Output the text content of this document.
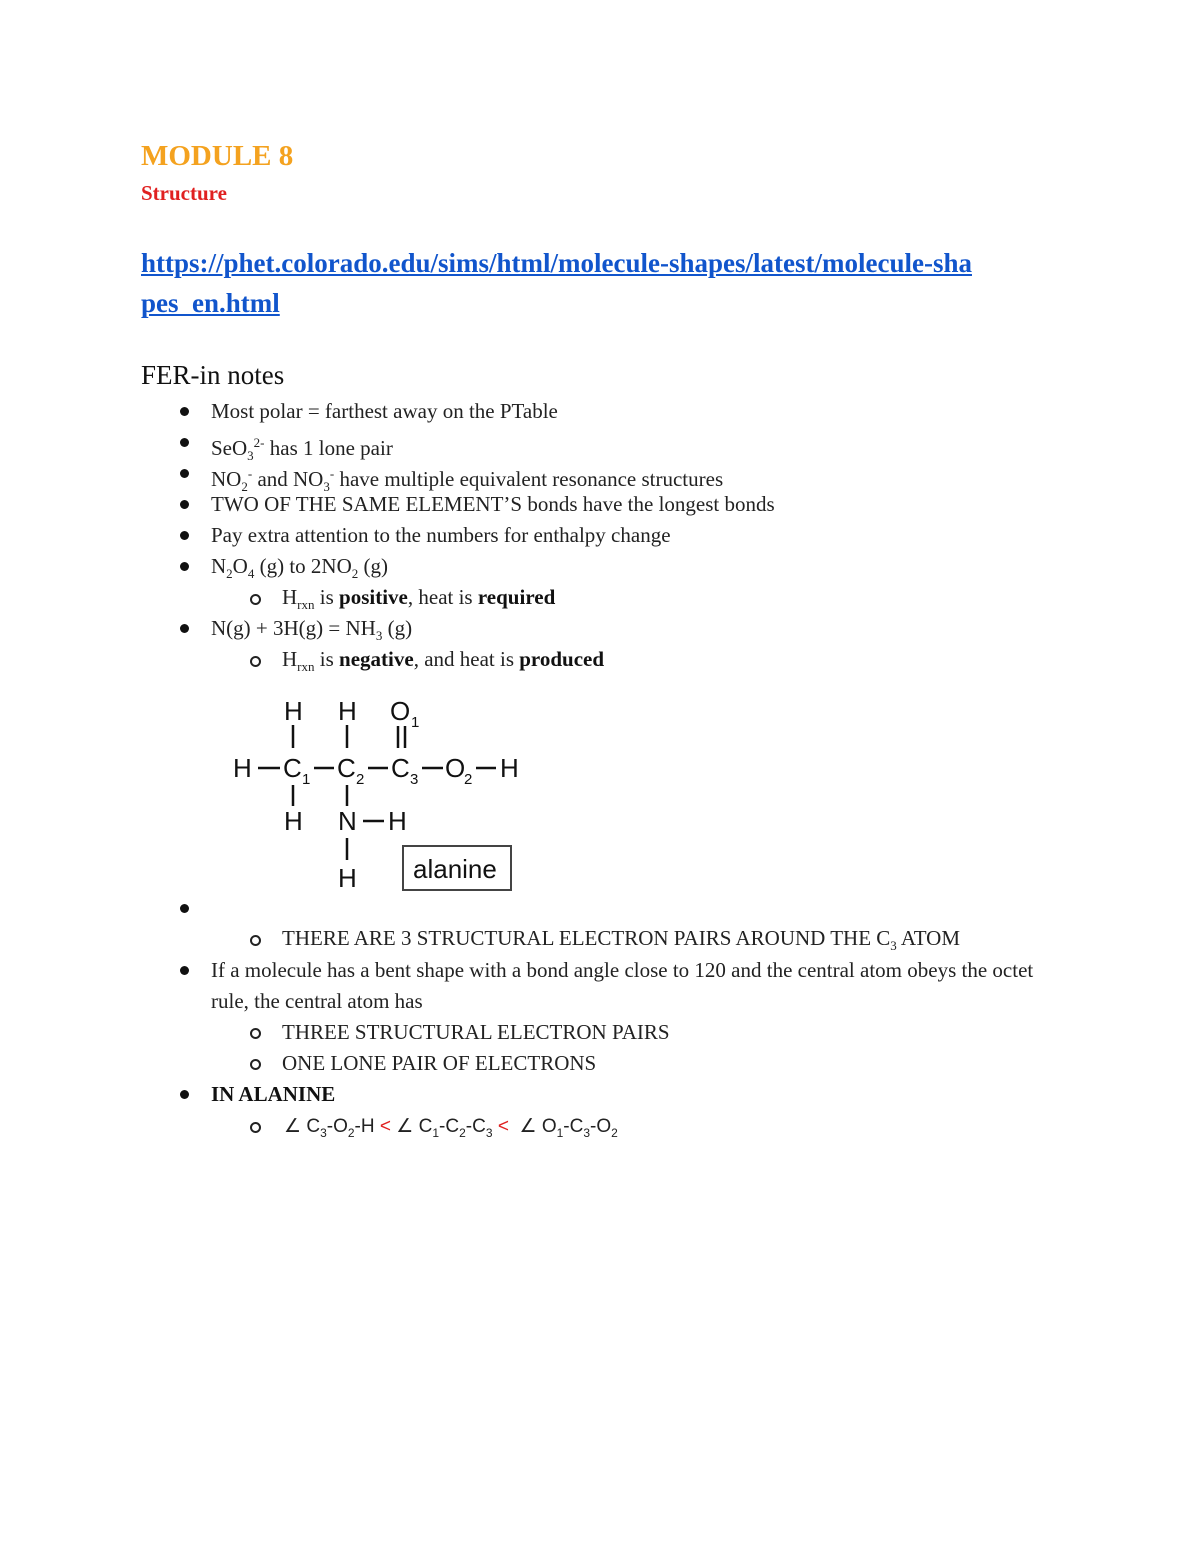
MODULE 8
Structure
https://phet.colorado.edu/sims/html/molecule-shapes/latest/molecule-sha
pes_en.html
FER-in notes
Most polar = farthest away on the PTable
SeO$_3^{2-}$ has 1 lone pair
$NO_2^-$ and $NO_3^-$ have multiple equivalent resonance structures
TWO OF THE SAME ELEMENT’S bonds have the longest bonds
Pay extra attention to the numbers for enthalpy change
$N_2O_4$ (g) to $2NO_2$ (g)
$H_{rxn}$ is positive, heat is required
$N(g) + 3H(g) = NH_3$ (g)
$H_{rxn}$ is negative, and heat is produced
H H O 1
H C 1 C 2 C 3 O
2 H
H N H
H alanine
THERE ARE 3 STRUCTURAL ELECTRON PAIRS AROUND THE $C_3$ ATOM
If a molecule has a bent shape with a bond angle close to 120 and the central atom obeys the octet rule, the central atom has
THREE STRUCTURAL ELECTRON PAIRS
ONE LONE PAIR OF ELECTRONS
IN ALANINE
∠ $C_3-O_2-H$ < ∠ $C_1-C_2-C_3$ < ∠ $O_1-C_3-O_2$
